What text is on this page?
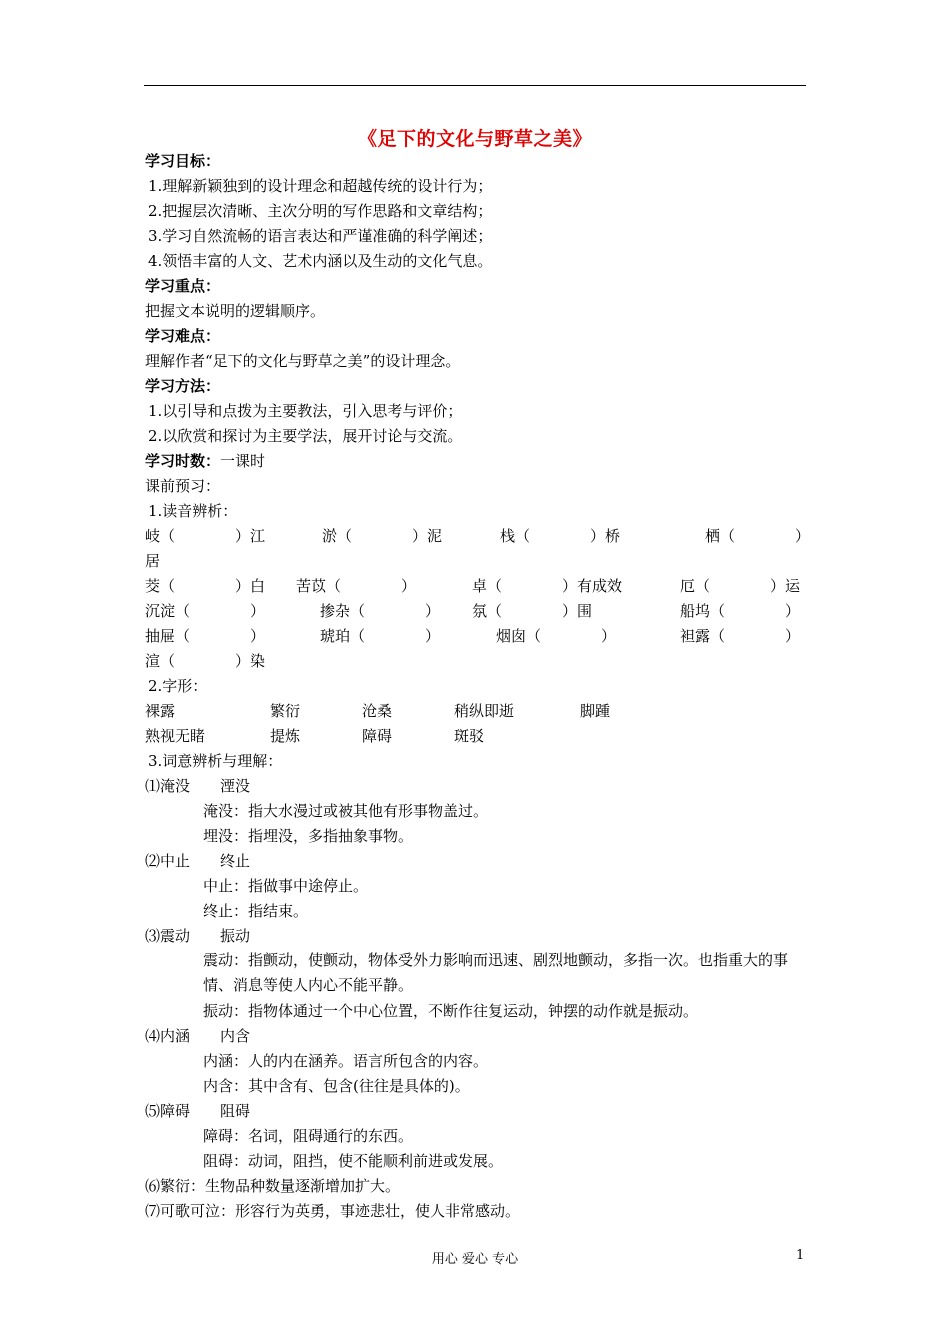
《足下的文化与野草之美》
学习目标：
1.理解新颖独到的设计理念和超越传统的设计行为；
2.把握层次清晰、主次分明的写作思路和文章结构；
3.学习自然流畅的语言表达和严谨准确的科学阐述；
4.领悟丰富的人文、艺术内涵以及生动的文化气息。
学习重点：
把握文本说明的逻辑顺序。
学习难点：
理解作者“足下的文化与野草之美”的设计理念。
学习方法：
1.以引导和点拨为主要教法，引入思考与评价；
2.以欣赏和探讨为主要学法，展开讨论与交流。
学习时数：一课时
课前预习：
1.读音辨析：
岐（　　　　）江	淤（　　　　）泥	栈（　　　　）桥	栖（　　　　）
居
茭（　　　　）白 苦苡（　　　　）	卓（　　　　）有成效	厄（　　　　）运
沉淀（　　　　）	掺杂（　　　　） 氛（　　　　）围	船坞（　　　　）
抽屉（　　　　）	琥珀（　　　　）	烟囱（　　　　）	袒露（　　　　）
渲（　　　　）染
2.字形：
裸露	繁衍	沧桑	稍纵即逝	脚踵
熟视无睹	提炼	障碍	斑驳
3.词意辨析与理解：
⑴淹没　　湮没
淹没：指大水漫过或被其他有形事物盖过。
埋没：指埋没，多指抽象事物。
⑵中止　　终止
中止：指做事中途停止。
终止：指结束。
⑶震动　　振动
震动：指颤动，使颤动，物体受外力影响而迅速、剧烈地颤动，多指一次。也指重大的事情、消息等使人内心不能平静。
振动：指物体通过一个中心位置，不断作往复运动，钟摆的动作就是振动。
⑷内涵　　内含
内涵：人的内在涵养。语言所包含的内容。
内含：其中含有、包含(往往是具体的)。
⑸障碍　　阻碍
障碍：名词，阻碍通行的东西。
阻碍：动词，阻挡，使不能顺利前进或发展。
⑹繁衍：生物品种数量逐渐增加扩大。
⑺可歌可泣：形容行为英勇，事迹悲壮，使人非常感动。
用心 爱心 专心	1
